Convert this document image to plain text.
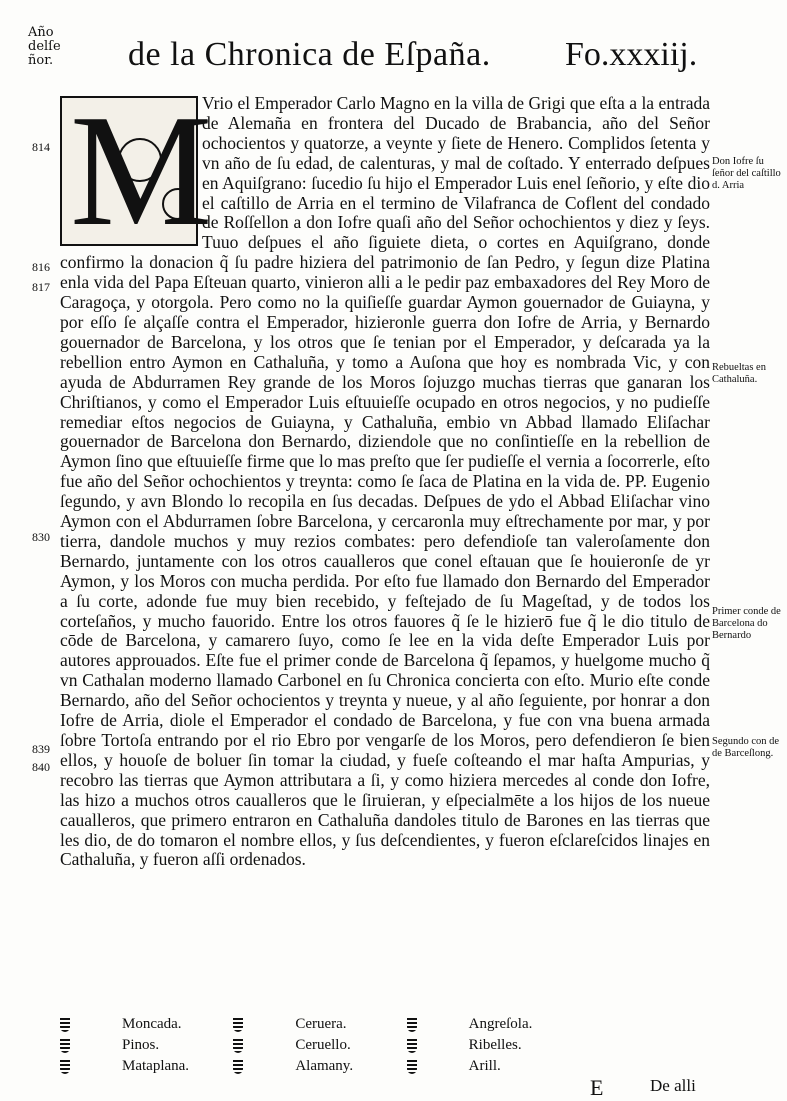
Año
delſe
ñor. de la Chronica de Eſpaña. Fo.xxxiij.
M
Vrio el Emperador Carlo Magno en la villa de Grigi que eſta a la entrada de Alemaña en frontera del Ducado de Brabancia, año del Señor ochocientos y quatorze, a veynte y ſiete de Henero. Complidos ſetenta y vn año de ſu edad, de calenturas, y mal de coſtado. Y enterrado deſpues en Aquiſgrano: ſucedio ſu hijo el Emperador Luis enel ſeñorio, y eſte dio el caſtillo de Arria en el termino de Vilafranca de Coflent del condado de Roſſellon a don Iofre quaſi año del Señor ochochientos y diez y ſeys. Tuuo deſpues el año ſiguiete dieta, o cortes en Aquiſgrano, donde confirmo la donacion q̃ ſu padre hiziera del patrimonio de ſan Pedro, y ſegun dize Platina enla vida del Papa Eſteuan quarto, vinieron alli a le pedir paz embaxadores del Rey Moro de Caragoça, y otorgola. Pero como no la quiſieſſe guardar Aymon gouernador de Guiayna, y por eſſo ſe alçaſſe contra el Emperador, hizieronle guerra don Iofre de Arria, y Bernardo gouernador de Barcelona, y los otros que ſe tenian por el Emperador, y deſcarada ya la rebellion entro Aymon en Cathaluña, y tomo a Auſona que hoy es nombrada Vic, y con ayuda de Abdurramen Rey grande de los Moros ſojuzgo muchas tierras que ganaran los Chriſtianos, y como el Emperador Luis eſtuuieſſe ocupado en otros negocios, y no pudieſſe remediar eſtos negocios de Guiayna, y Cathaluña, embio vn Abbad llamado Eliſachar gouernador de Barcelona don Bernardo, diziendole que no conſintieſſe en la rebellion de Aymon ſino que eſtuuieſſe firme que lo mas preſto que ſer pudieſſe el vernia a ſocorrerle, eſto fue año del Señor ochochientos y treynta: como ſe ſaca de Platina en la vida de. PP. Eugenio ſegundo, y avn Blondo lo recopila en ſus decadas. Deſpues de ydo el Abbad Eliſachar vino Aymon con el Abdurramen ſobre Barcelona, y cercaronla muy eſtrechamente por mar, y por tierra, dandole muchos y muy rezios combates: pero defendioſe tan valeroſamente don Bernardo, juntamente con los otros caualleros que conel eſtauan que ſe houieronſe de yr Aymon, y los Moros con mucha perdida. Por eſto fue llamado don Bernardo del Emperador a ſu corte, adonde fue muy bien recebido, y feſtejado de ſu Mageſtad, y de todos los corteſaños, y mucho fauorido. Entre los otros fauores q̃ ſe le hizierō fue q̃ le dio titulo de cōde de Barcelona, y camarero ſuyo, como ſe lee en la vida deſte Emperador Luis por autores approuados. Eſte fue el primer conde de Barcelona q̃ ſepamos, y huelgome mucho q̃ vn Cathalan moderno llamado Carbonel en ſu Chronica concierta con eſto. Murio eſte conde Bernardo, año del Señor ochocientos y treynta y nueue, y al año ſeguiente, por honrar a don Iofre de Arria, diole el Emperador el condado de Barcelona, y fue con vna buena armada ſobre Tortoſa entrando por el rio Ebro por vengarſe de los Moros, pero defendieron ſe bien ellos, y houoſe de boluer ſin tomar la ciudad, y fueſe coſteando el mar haſta Ampurias, y recobro las tierras que Aymon attributara a ſi, y como hiziera mercedes al conde don Iofre, las hizo a muchos otros caualleros que le ſiruieran, y eſpecialmēte a los hijos de los nueue caualleros, que primero entraron en Cathaluña dandoles titulo de Barones en las tierras que les dio, de do tomaron el nombre ellos, y ſus deſcendientes, y fueron eſclareſcidos linajes en Cathaluña, y fueron aſſi ordenados.
814
816
817
830
839
840
Don Iofre ſu ſeñor del caſtillo d. Arria
Rebueltas en Cathaluña.
Primer conde de Barcelona do Bernardo
Segundo con de de Barceſlong.
Moncada.	Ceruera.	Angreſola.
Pinos.	Ceruello.	Ribelles.
Mataplana.	Alamany.	Arill.
E	De alli
